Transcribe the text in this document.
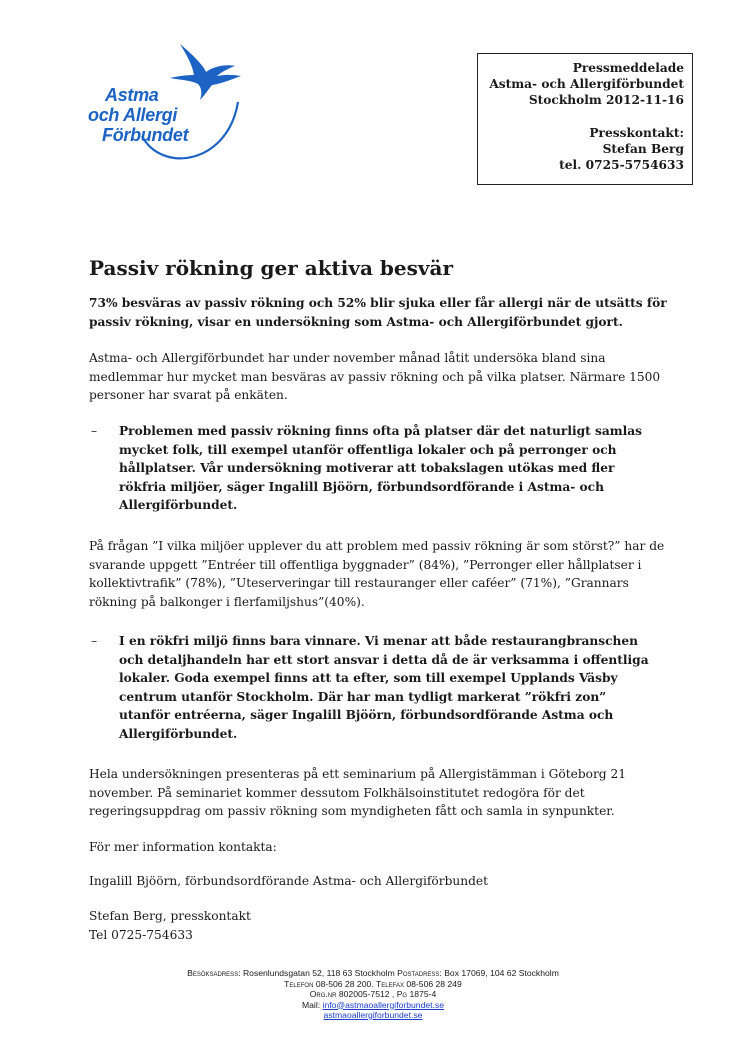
Astma
och Allergi
Förbundet
Pressmeddelade
Astma- och Allergiförbundet
Stockholm 2012-11-16
Presskontakt:
Stefan Berg
tel. 0725-5754633
Passiv rökning ger aktiva besvär

73% besväras av passiv rökning och 52% blir sjuka eller får allergi när de utsätts för passiv rökning, visar en undersökning som Astma- och Allergiförbundet gjort.

Astma- och Allergiförbundet har under november månad låtit undersöka bland sina medlemmar hur mycket man besväras av passiv rökning och på vilka platser. Närmare 1500 personer har svarat på enkäten.

– Problemen med passiv rökning finns ofta på platser där det naturligt samlas mycket folk, till exempel utanför offentliga lokaler och på perronger och hållplatser. Vår undersökning motiverar att tobakslagen utökas med fler rökfria miljöer, säger Ingalill Bjöörn, förbundsordförande i Astma- och Allergiförbundet.

På frågan ”I vilka miljöer upplever du att problem med passiv rökning är som störst?” har de svarande uppgett ”Entréer till offentliga byggnader” (84%), ”Perronger eller hållplatser i kollektivtrafik” (78%), ”Uteserveringar till restauranger eller caféer” (71%), ”Grannars rökning på balkonger i flerfamiljshus”(40%).

– I en rökfri miljö finns bara vinnare. Vi menar att både restaurangbranschen och detaljhandeln har ett stort ansvar i detta då de är verksamma i offentliga lokaler. Goda exempel finns att ta efter, som till exempel Upplands Väsby centrum utanför Stockholm. Där har man tydligt markerat ”rökfri zon” utanför entréerna, säger Ingalill Bjöörn, förbundsordförande Astma och Allergiförbundet.

Hela undersökningen presenteras på ett seminarium på Allergistämman i Göteborg 21 november. På seminariet kommer dessutom Folkhälsoinstitutet redogöra för det regeringsuppdrag om passiv rökning som myndigheten fått och samla in synpunkter.

För mer information kontakta:

Ingalill Bjöörn, förbundsordförande Astma- och Allergiförbundet

Stefan Berg, presskontakt
Tel 0725-754633
Besöksadress: Rosenlundsgatan 52, 118 63 Stockholm Postadress: Box 17069, 104 62 Stockholm
Telefon 08-506 28 200. Telefax 08-506 28 249
Org.nr 802005-7512 , Pg 1875-4
Mail: info@astmaoallergiforbundet.se
astmaoallergiforbundet.se
